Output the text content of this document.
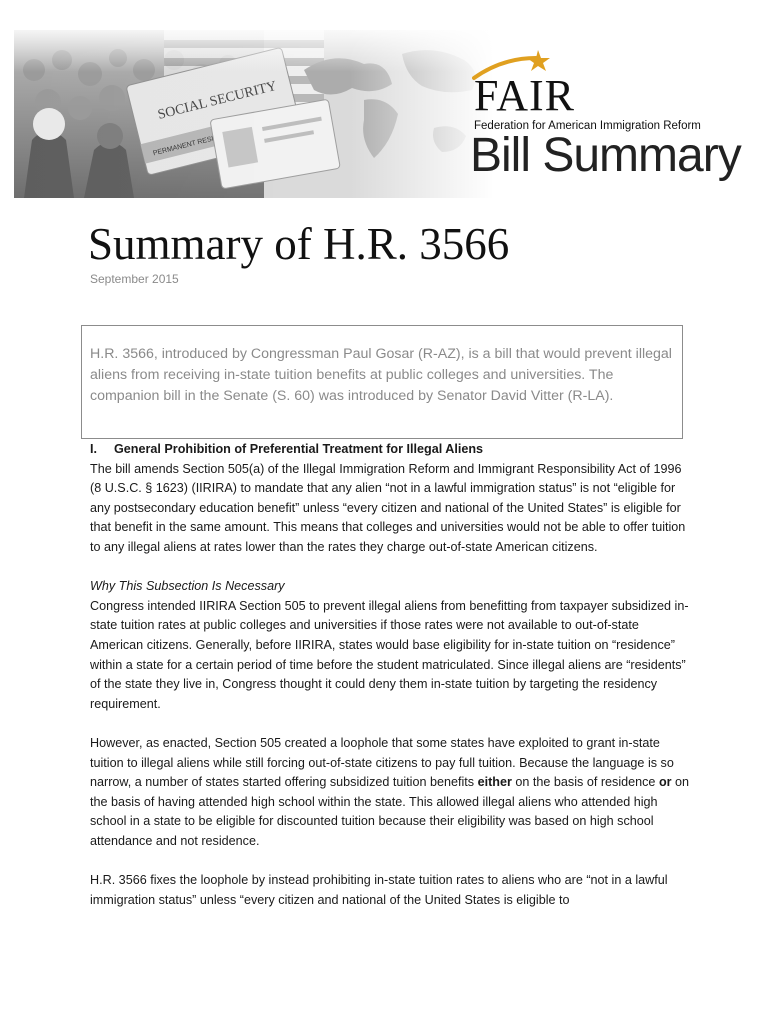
FAIR
Federation for American Immigration Reform
Bill Summary
Summary of H.R. 3566
September 2015
H.R. 3566, introduced by Congressman Paul Gosar (R-AZ), is a bill that would prevent illegal aliens from receiving in-state tuition benefits at public colleges and universities. The companion bill in the Senate (S. 60) was introduced by Senator David Vitter (R-LA).

I. General Prohibition of Preferential Treatment for Illegal Aliens

The bill amends Section 505(a) of the Illegal Immigration Reform and Immigrant Responsibility Act of 1996 (8 U.S.C. § 1623) (IIRIRA) to mandate that any alien “not in a lawful immigration status” is not “eligible for any postsecondary education benefit” unless “every citizen and national of the United States” is eligible for that benefit in the same amount. This means that colleges and universities would not be able to offer tuition to any illegal aliens at rates lower than the rates they charge out-of-state American citizens.

Why This Subsection Is Necessary

Congress intended IIRIRA Section 505 to prevent illegal aliens from benefitting from taxpayer subsidized in-state tuition rates at public colleges and universities if those rates were not available to out-of-state American citizens. Generally, before IIRIRA, states would base eligibility for in-state tuition on “residence” within a state for a certain period of time before the student matriculated. Since illegal aliens are “residents” of the state they live in, Congress thought it could deny them in-state tuition by targeting the residency requirement.

However, as enacted, Section 505 created a loophole that some states have exploited to grant in-state tuition to illegal aliens while still forcing out-of-state citizens to pay full tuition. Because the language is so narrow, a number of states started offering subsidized tuition benefits either on the basis of residence or on the basis of having attended high school within the state. This allowed illegal aliens who attended high school in a state to be eligible for discounted tuition because their eligibility was based on high school attendance and not residence.

H.R. 3566 fixes the loophole by instead prohibiting in-state tuition rates to aliens who are “not in a lawful immigration status” unless “every citizen and national of the United States is eligible to
